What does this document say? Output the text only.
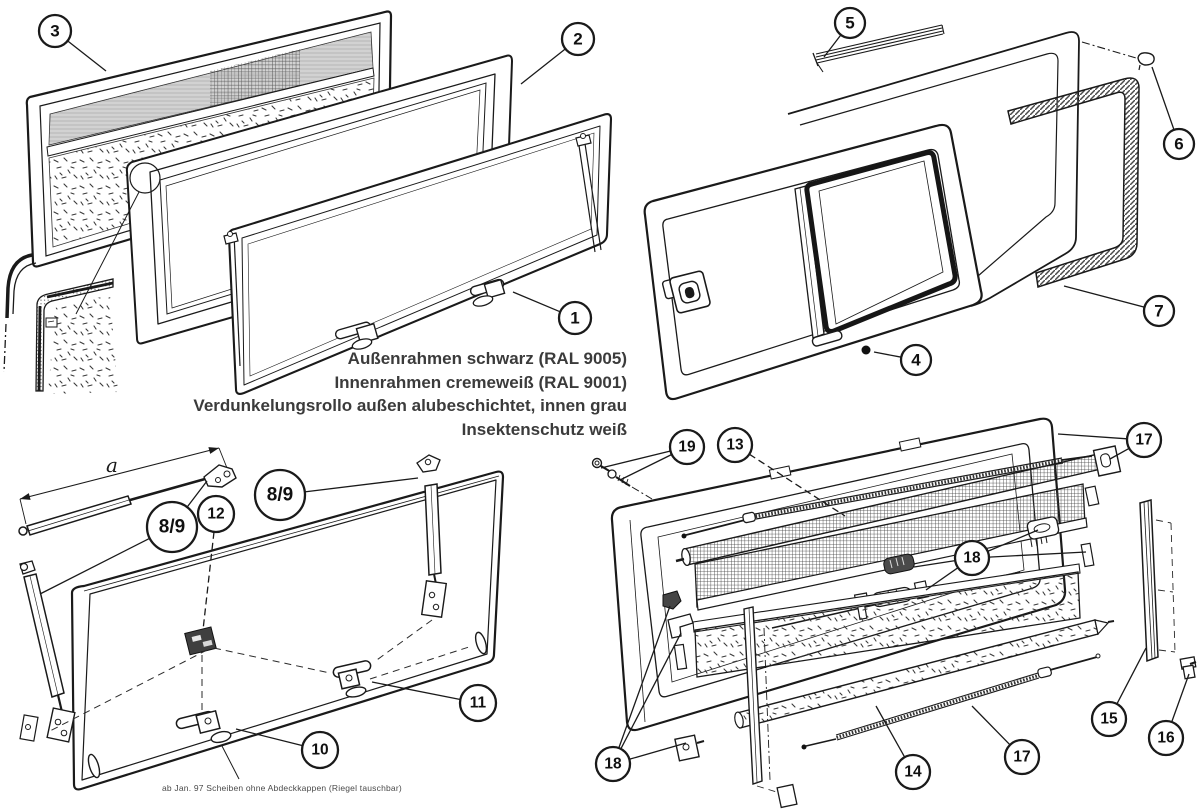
a
3	2
1
5
6
7
4
8/9
12
8/9
10
11
19 13	17
18
18	14
17
15
16
Außenrahmen schwarz (RAL 9005)
Innenrahmen cremeweiß (RAL 9001)
Verdunkelungsrollo außen alubeschichtet, innen grau
Insektenschutz weiß
ab Jan. 97 Scheiben ohne Abdeckkappen (Riegel tauschbar)
